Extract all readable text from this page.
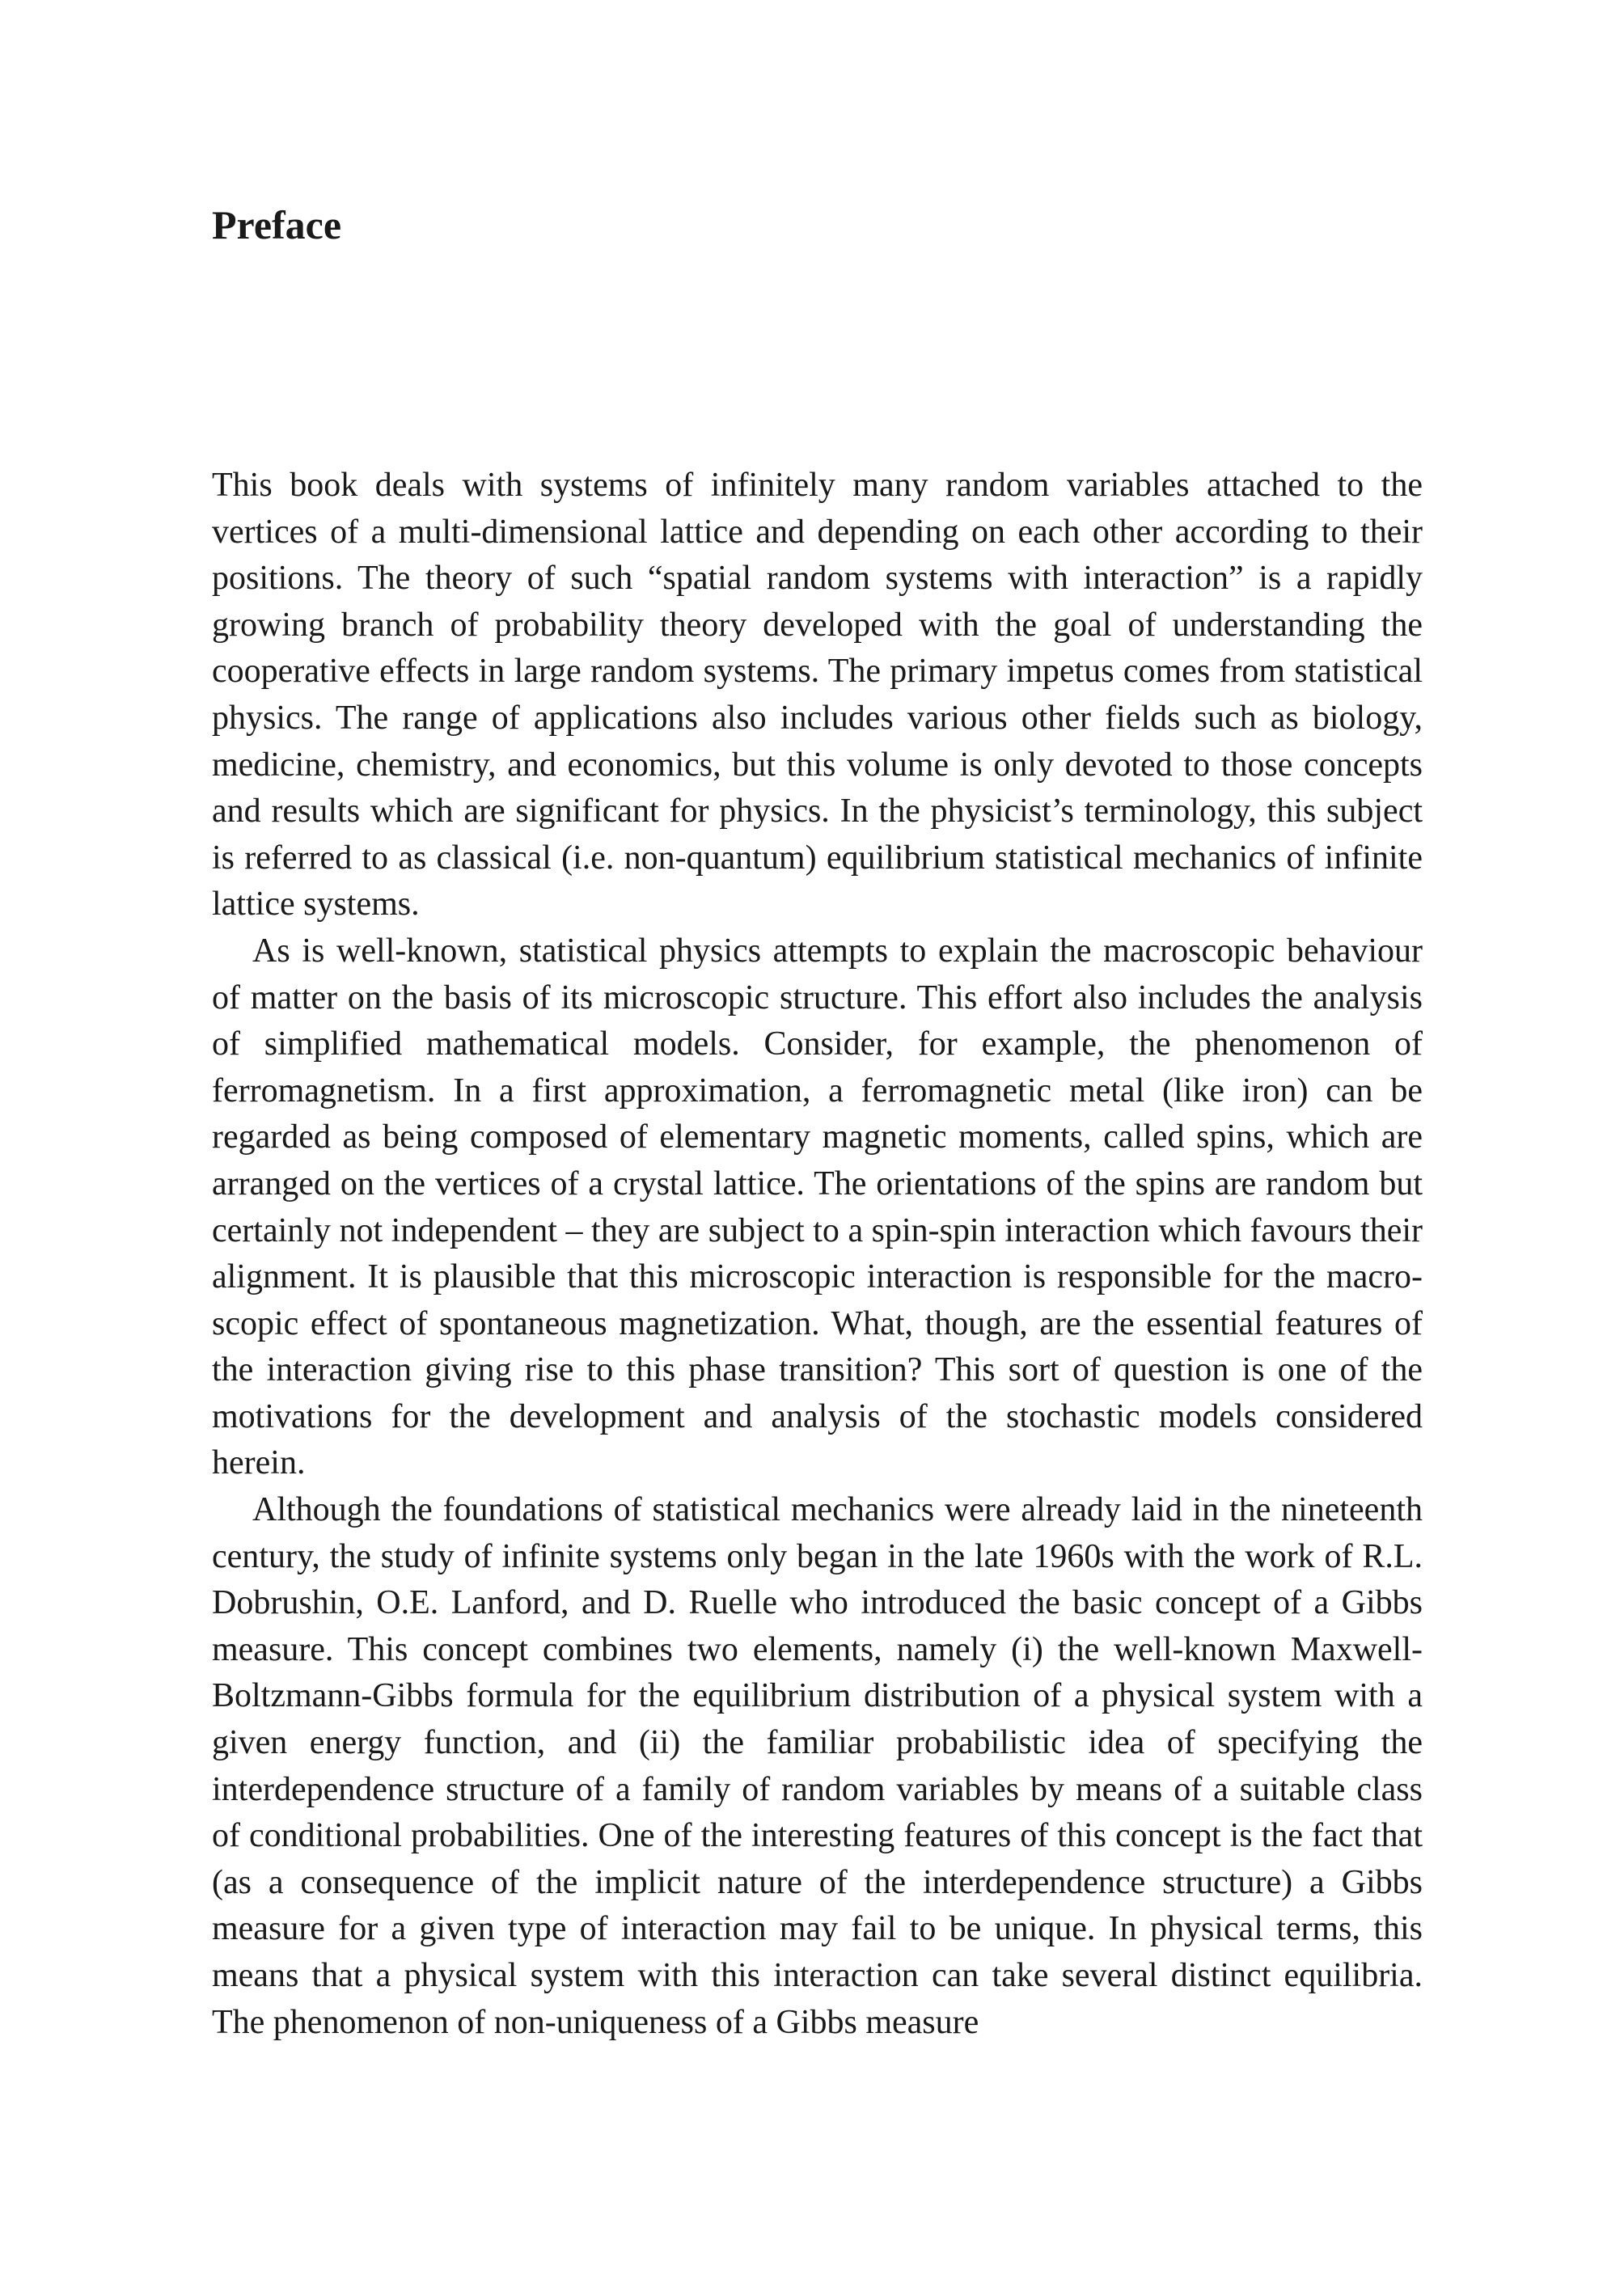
Preface

This book deals with systems of infinitely many random variables attached to the vertices of a multi-dimensional lattice and depending on each other according to their positions. The theory of such “spatial random systems with interaction” is a rapidly growing branch of probability theory developed with the goal of understanding the cooperative effects in large random systems. The primary impetus comes from statistical physics. The range of applications also includes various other fields such as biology, medicine, chemistry, and economics, but this volume is only devoted to those concepts and results which are significant for physics. In the physicist’s terminology, this subject is referred to as classical (i.e. non-quantum) equilibrium statistical mechanics of infinite lattice systems.

As is well-known, statistical physics attempts to explain the macroscopic behaviour of matter on the basis of its microscopic structure. This effort also includes the analysis of simplified mathematical models. Consider, for example, the phenomenon of ferromagnetism. In a first approximation, a ferromagnetic metal (like iron) can be regarded as being composed of elementary magnetic moments, called spins, which are arranged on the vertices of a crystal lattice. The orientations of the spins are random but certainly not independent – they are subject to a spin-spin interaction which favours their alignment. It is plausible that this microscopic interaction is responsible for the macroscopic effect of spontaneous magnetization. What, though, are the essential features of the interaction giving rise to this phase transition? This sort of question is one of the motivations for the development and analysis of the stochastic models considered herein.

Although the foundations of statistical mechanics were already laid in the nineteenth century, the study of infinite systems only began in the late 1960s with the work of R.L. Dobrushin, O.E. Lanford, and D. Ruelle who introduced the basic concept of a Gibbs measure. This concept combines two elements, namely (i) the well-known Maxwell-Boltzmann-Gibbs formula for the equilibrium distribution of a physical system with a given energy function, and (ii) the familiar probabilistic idea of specifying the interdependence structure of a family of random variables by means of a suitable class of conditional probabilities. One of the interesting features of this concept is the fact that (as a consequence of the implicit nature of the interdependence structure) a Gibbs measure for a given type of interaction may fail to be unique. In physical terms, this means that a physical system with this interaction can take several distinct equilibria. The phenomenon of non-uniqueness of a Gibbs measure
